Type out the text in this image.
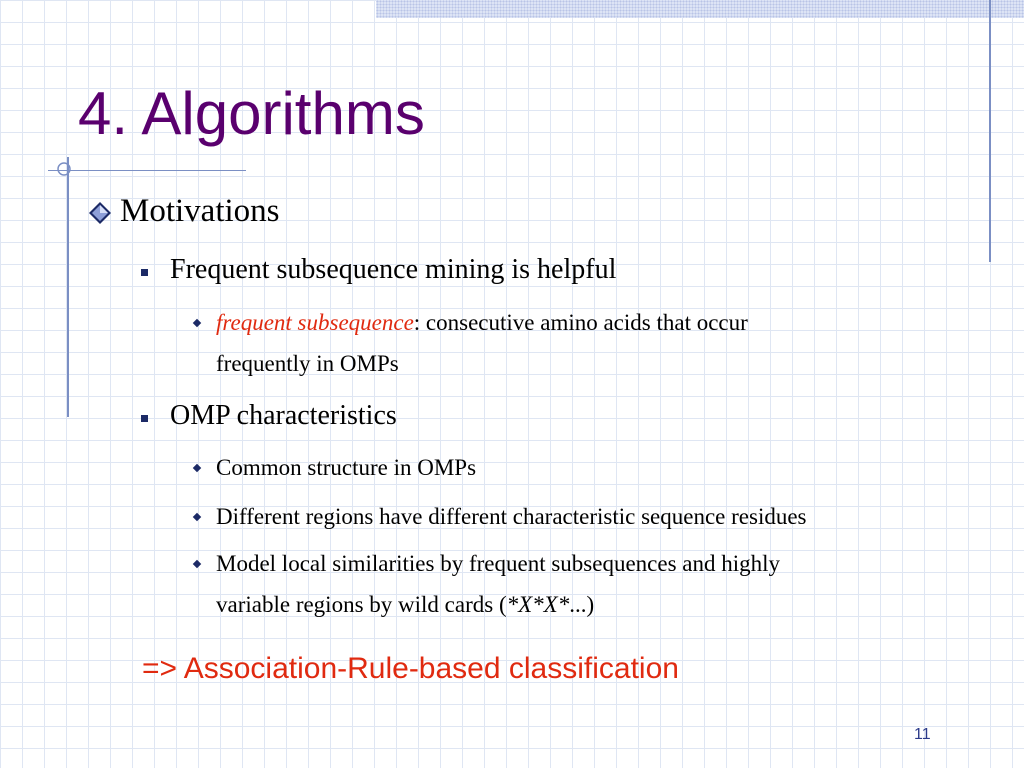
4. Algorithms
Motivations
Frequent subsequence mining is helpful
frequent subsequence: consecutive amino acids that occur
frequently in OMPs
OMP characteristics
Common structure in OMPs
Different regions have different characteristic sequence residues
Model local similarities by frequent subsequences and highly
variable regions by wild cards (*X*X*...)

=> Association-Rule-based classification

11
